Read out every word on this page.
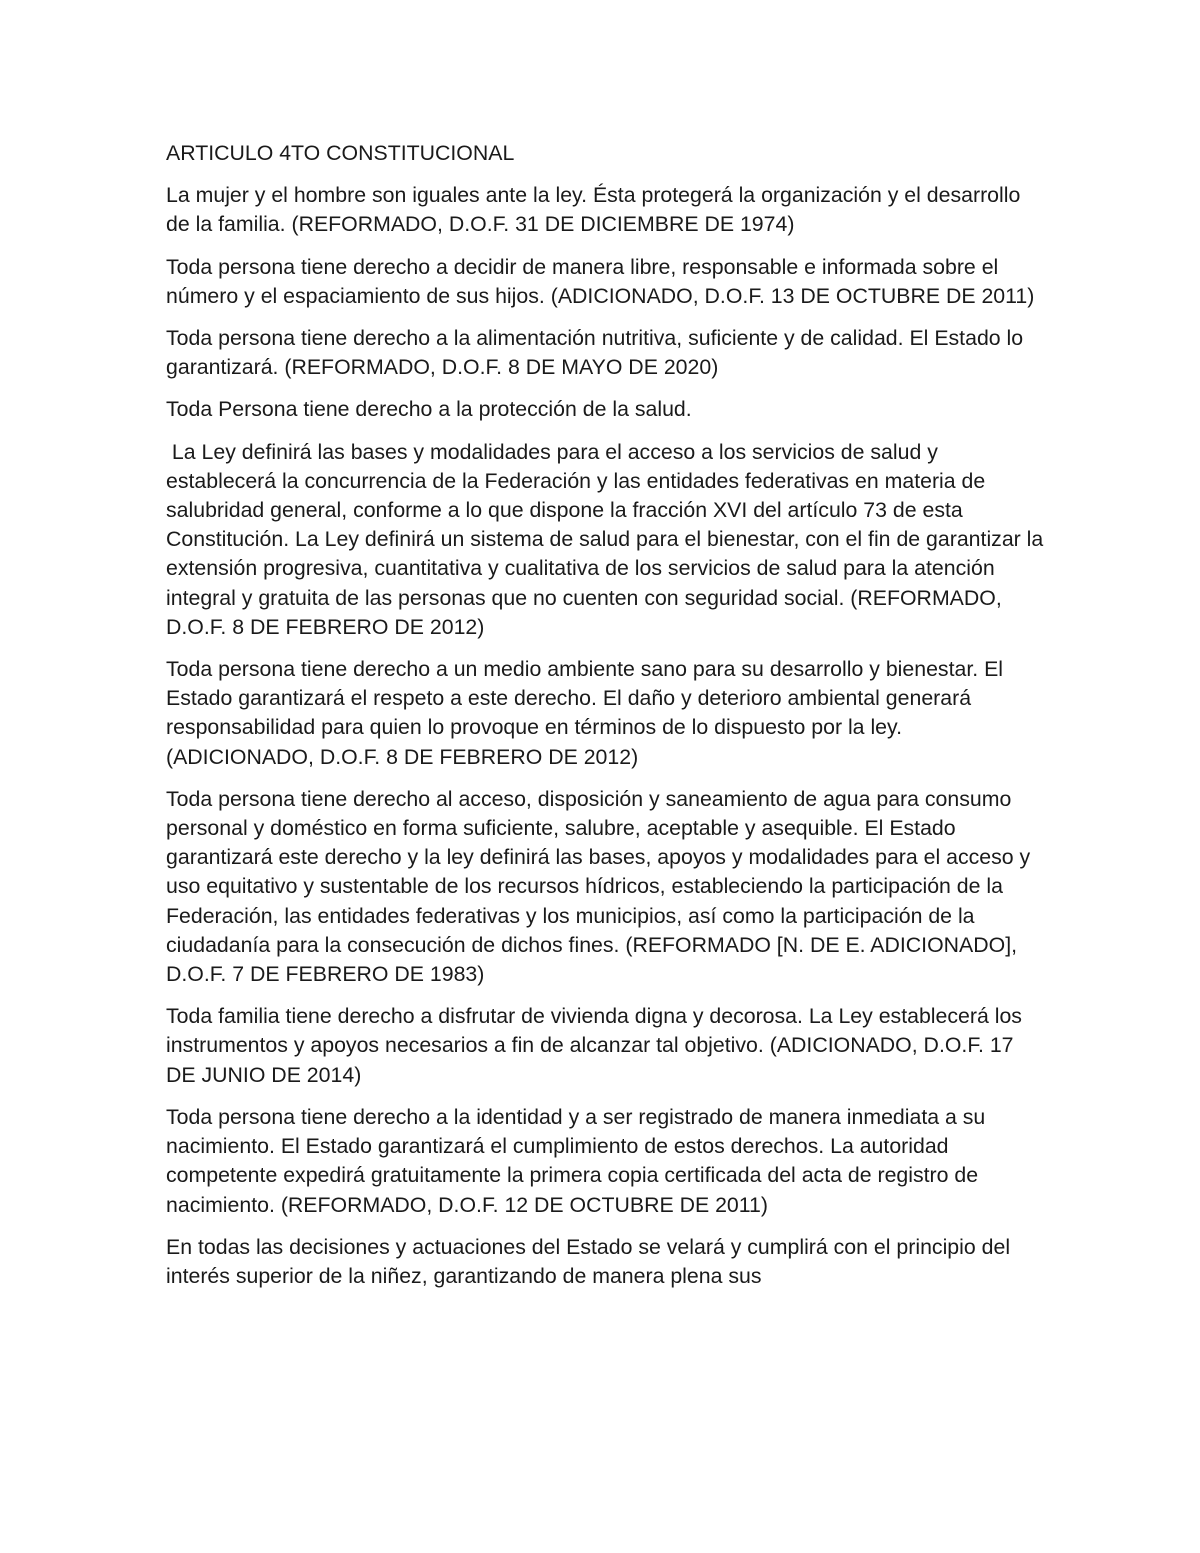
ARTICULO 4TO CONSTITUCIONAL

La mujer y el hombre son iguales ante la ley. Ésta protegerá la organización y el desarrollo de la familia. (REFORMADO, D.O.F. 31 DE DICIEMBRE DE 1974)

Toda persona tiene derecho a decidir de manera libre, responsable e informada sobre el número y el espaciamiento de sus hijos. (ADICIONADO, D.O.F. 13 DE OCTUBRE DE 2011)

Toda persona tiene derecho a la alimentación nutritiva, suficiente y de calidad. El Estado lo garantizará. (REFORMADO, D.O.F. 8 DE MAYO DE 2020)

Toda Persona tiene derecho a la protección de la salud.

La Ley definirá las bases y modalidades para el acceso a los servicios de salud y establecerá la concurrencia de la Federación y las entidades federativas en materia de salubridad general, conforme a lo que dispone la fracción XVI del artículo 73 de esta Constitución. La Ley definirá un sistema de salud para el bienestar, con el fin de garantizar la extensión progresiva, cuantitativa y cualitativa de los servicios de salud para la atención integral y gratuita de las personas que no cuenten con seguridad social. (REFORMADO, D.O.F. 8 DE FEBRERO DE 2012)

Toda persona tiene derecho a un medio ambiente sano para su desarrollo y bienestar. El Estado garantizará el respeto a este derecho. El daño y deterioro ambiental generará responsabilidad para quien lo provoque en términos de lo dispuesto por la ley. (ADICIONADO, D.O.F. 8 DE FEBRERO DE 2012)

Toda persona tiene derecho al acceso, disposición y saneamiento de agua para consumo personal y doméstico en forma suficiente, salubre, aceptable y asequible. El Estado garantizará este derecho y la ley definirá las bases, apoyos y modalidades para el acceso y uso equitativo y sustentable de los recursos hídricos, estableciendo la participación de la Federación, las entidades federativas y los municipios, así como la participación de la ciudadanía para la consecución de dichos fines. (REFORMADO [N. DE E. ADICIONADO], D.O.F. 7 DE FEBRERO DE 1983)

Toda familia tiene derecho a disfrutar de vivienda digna y decorosa. La Ley establecerá los instrumentos y apoyos necesarios a fin de alcanzar tal objetivo. (ADICIONADO, D.O.F. 17 DE JUNIO DE 2014)

Toda persona tiene derecho a la identidad y a ser registrado de manera inmediata a su nacimiento. El Estado garantizará el cumplimiento de estos derechos. La autoridad competente expedirá gratuitamente la primera copia certificada del acta de registro de nacimiento. (REFORMADO, D.O.F. 12 DE OCTUBRE DE 2011)

En todas las decisiones y actuaciones del Estado se velará y cumplirá con el principio del interés superior de la niñez, garantizando de manera plena sus
